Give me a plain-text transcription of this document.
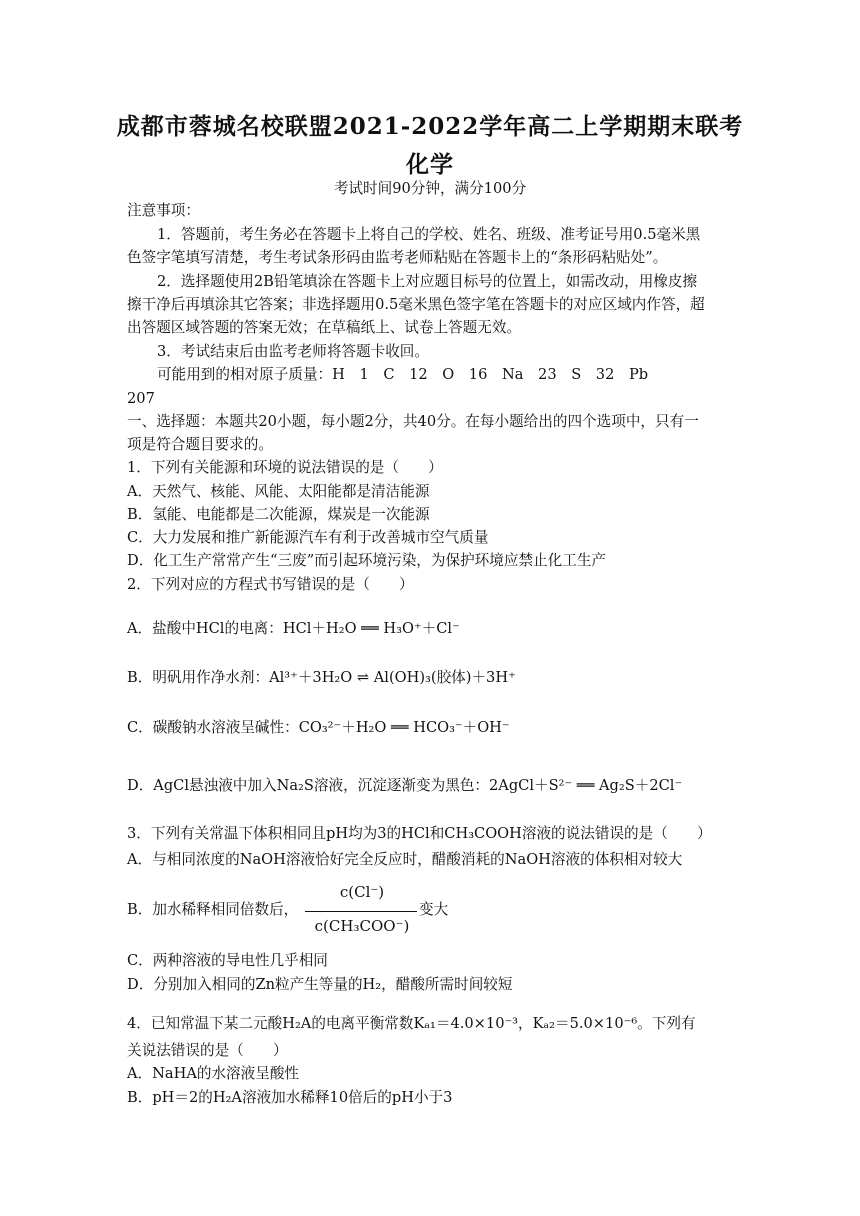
成都市蓉城名校联盟2021-2022学年高二上学期期末联考
化学
考试时间90分钟，满分100分
注意事项：
1．答题前，考生务必在答题卡上将自己的学校、姓名、班级、准考证号用0.5毫米黑
色签字笔填写清楚，考生考试条形码由监考老师粘贴在答题卡上的“条形码粘贴处”。
2．选择题使用2B铅笔填涂在答题卡上对应题目标号的位置上，如需改动，用橡皮擦
擦干净后再填涂其它答案；非选择题用0.5毫米黑色签字笔在答题卡的对应区域内作答，超
出答题区域答题的答案无效；在草稿纸上、试卷上答题无效。
3．考试结束后由监考老师将答题卡收回。
可能用到的相对原子质量：H　1　C　12　O　16　Na　23　S　32　Pb
207
一、选择题：本题共20小题，每小题2分，共40分。在每小题给出的四个选项中，只有一
项是符合题目要求的。
1．下列有关能源和环境的说法错误的是（　　）
A．天然气、核能、风能、太阳能都是清洁能源
B．氢能、电能都是二次能源，煤炭是一次能源
C．大力发展和推广新能源汽车有利于改善城市空气质量
D．化工生产常常产生“三废”而引起环境污染，为保护环境应禁止化工生产
2．下列对应的方程式书写错误的是（　　）
A．盐酸中HCl的电离：HCl＋H₂O ══ H₃O⁺＋Cl⁻
B．明矾用作净水剂：Al³⁺＋3H₂O ⇌ Al(OH)₃(胶体)＋3H⁺
C．碳酸钠水溶液呈碱性：CO₃²⁻＋H₂O ══ HCO₃⁻＋OH⁻
D．AgCl悬浊液中加入Na₂S溶液，沉淀逐渐变为黑色：2AgCl＋S²⁻ ══ Ag₂S＋2Cl⁻
3．下列有关常温下体积相同且pH均为3的HCl和CH₃COOH溶液的说法错误的是（　　）
A．与相同浓度的NaOH溶液恰好完全反应时，醋酸消耗的NaOH溶液的体积相对较大
B．加水稀释相同倍数后，
c(Cl⁻)
c(CH₃COO⁻)
变大
C．两种溶液的导电性几乎相同
D．分别加入相同的Zn粒产生等量的H₂，醋酸所需时间较短
4．已知常温下某二元酸H₂A的电离平衡常数Kₐ₁＝4.0×10⁻³，Kₐ₂＝5.0×10⁻⁶。下列有
关说法错误的是（　　）
A．NaHA的水溶液呈酸性
B．pH＝2的H₂A溶液加水稀释10倍后的pH小于3
